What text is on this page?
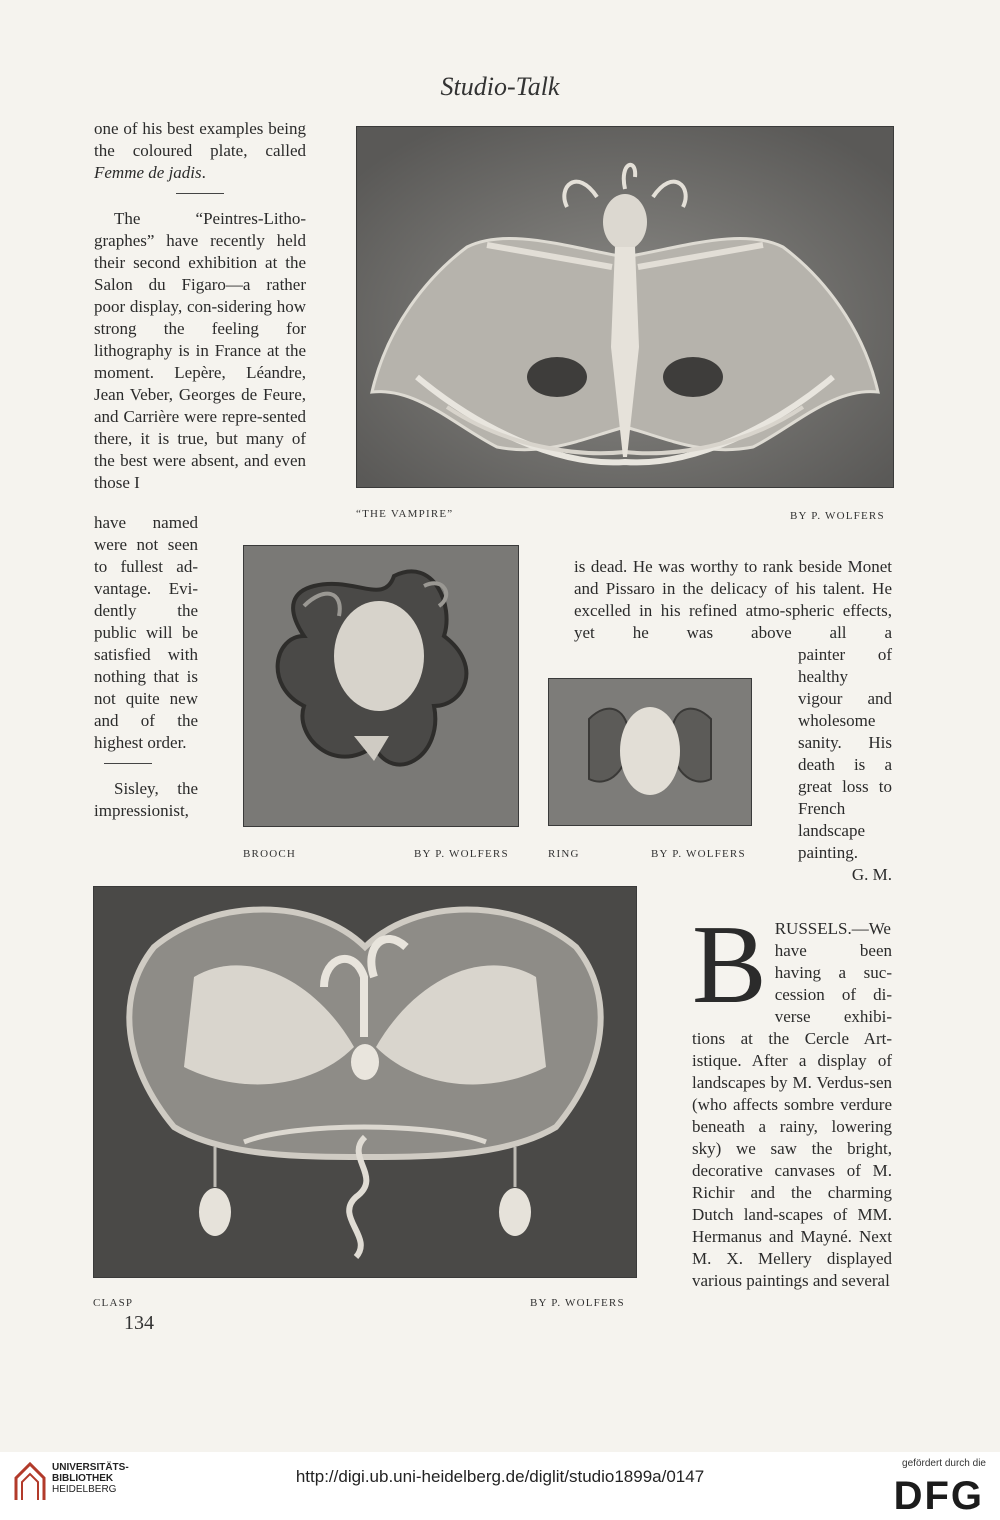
Studio-Talk

one of his best examples being the coloured plate, called Femme de jadis.

The “Peintres-Litho-graphes” have recently held their second exhibition at the Salon du Figaro—a rather poor display, con-sidering how strong the feeling for lithography is in France at the moment. Lepère, Léandre, Jean Veber, Georges de Feure, and Carrière were repre-sented there, it is true, but many of the best were absent, and even those I

have named were not seen to fullest ad-vantage. Evi-dently the public will be satisfied with nothing that is not quite new and of the highest order.

Sisley, the impressionist,

“THE VAMPIRE”	BY P. WOLFERS
BROOCH	BY P. WOLFERS	RING	BY P. WOLFERS

is dead. He was worthy to rank beside Monet and Pissaro in the delicacy of his talent. He excelled in his refined atmo-spheric effects, yet he was above all a

painter of healthy vigour and wholesome sanity. His death is a great loss to French landscape painting.

G. M.
CLASP	BY P. WOLFERS

BRUSSELS.—We have been having a suc-cession of di-verse exhibi-tions at the Cercle Art-istique. After a display of landscapes by M. Verdus-sen (who affects sombre verdure beneath a rainy, lowering sky) we saw the bright, decorative canvases of M. Richir and the charming Dutch land-scapes of MM. Hermanus and Mayné. Next M. X. Mellery displayed various paintings and several

134
UNIVERSITÄTS-
BIBLIOTHEK
HEIDELBERG
http://digi.ub.uni-heidelberg.de/diglit/studio1899a/0147
gefördert durch die
DFG
